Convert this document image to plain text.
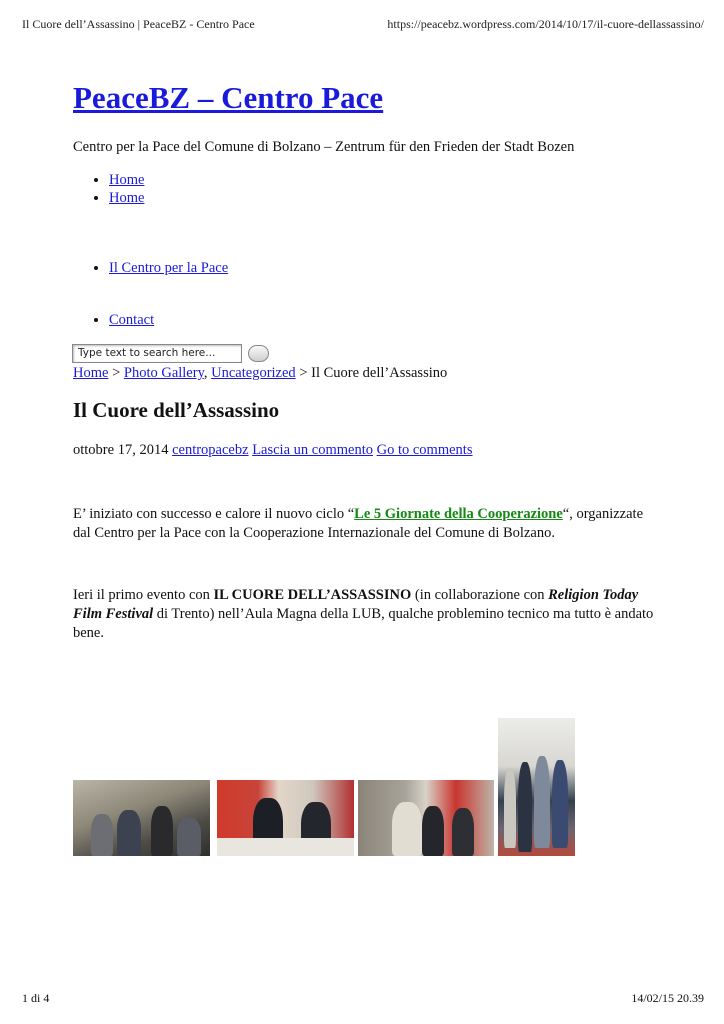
Il Cuore dell’Assassino | PeaceBZ - Centro Pace	https://peacebz.wordpress.com/2014/10/17/il-cuore-dellassassino/
PeaceBZ – Centro Pace
Centro per la Pace del Comune di Bolzano – Zentrum für den Frieden der Stadt Bozen
• Home
• Home
• Il Centro per la Pace
• Contact
Type text to search here...
Home > Photo Gallery, Uncategorized > Il Cuore dell’Assassino
Il Cuore dell’Assassino
ottobre 17, 2014 centropacebz Lascia un commento Go to comments
E’ iniziato con successo e calore il nuovo ciclo “Le 5 Giornate della Cooperazione“, organizzate dal Centro per la Pace con la Cooperazione Internazionale del Comune di Bolzano.
Ieri il primo evento con IL CUORE DELL’ASSASSINO (in collaborazione con Religion Today Film Festival di Trento) nell’Aula Magna della LUB, qualche problemino tecnico ma tutto è andato bene.
1 di 4	14/02/15 20.39
